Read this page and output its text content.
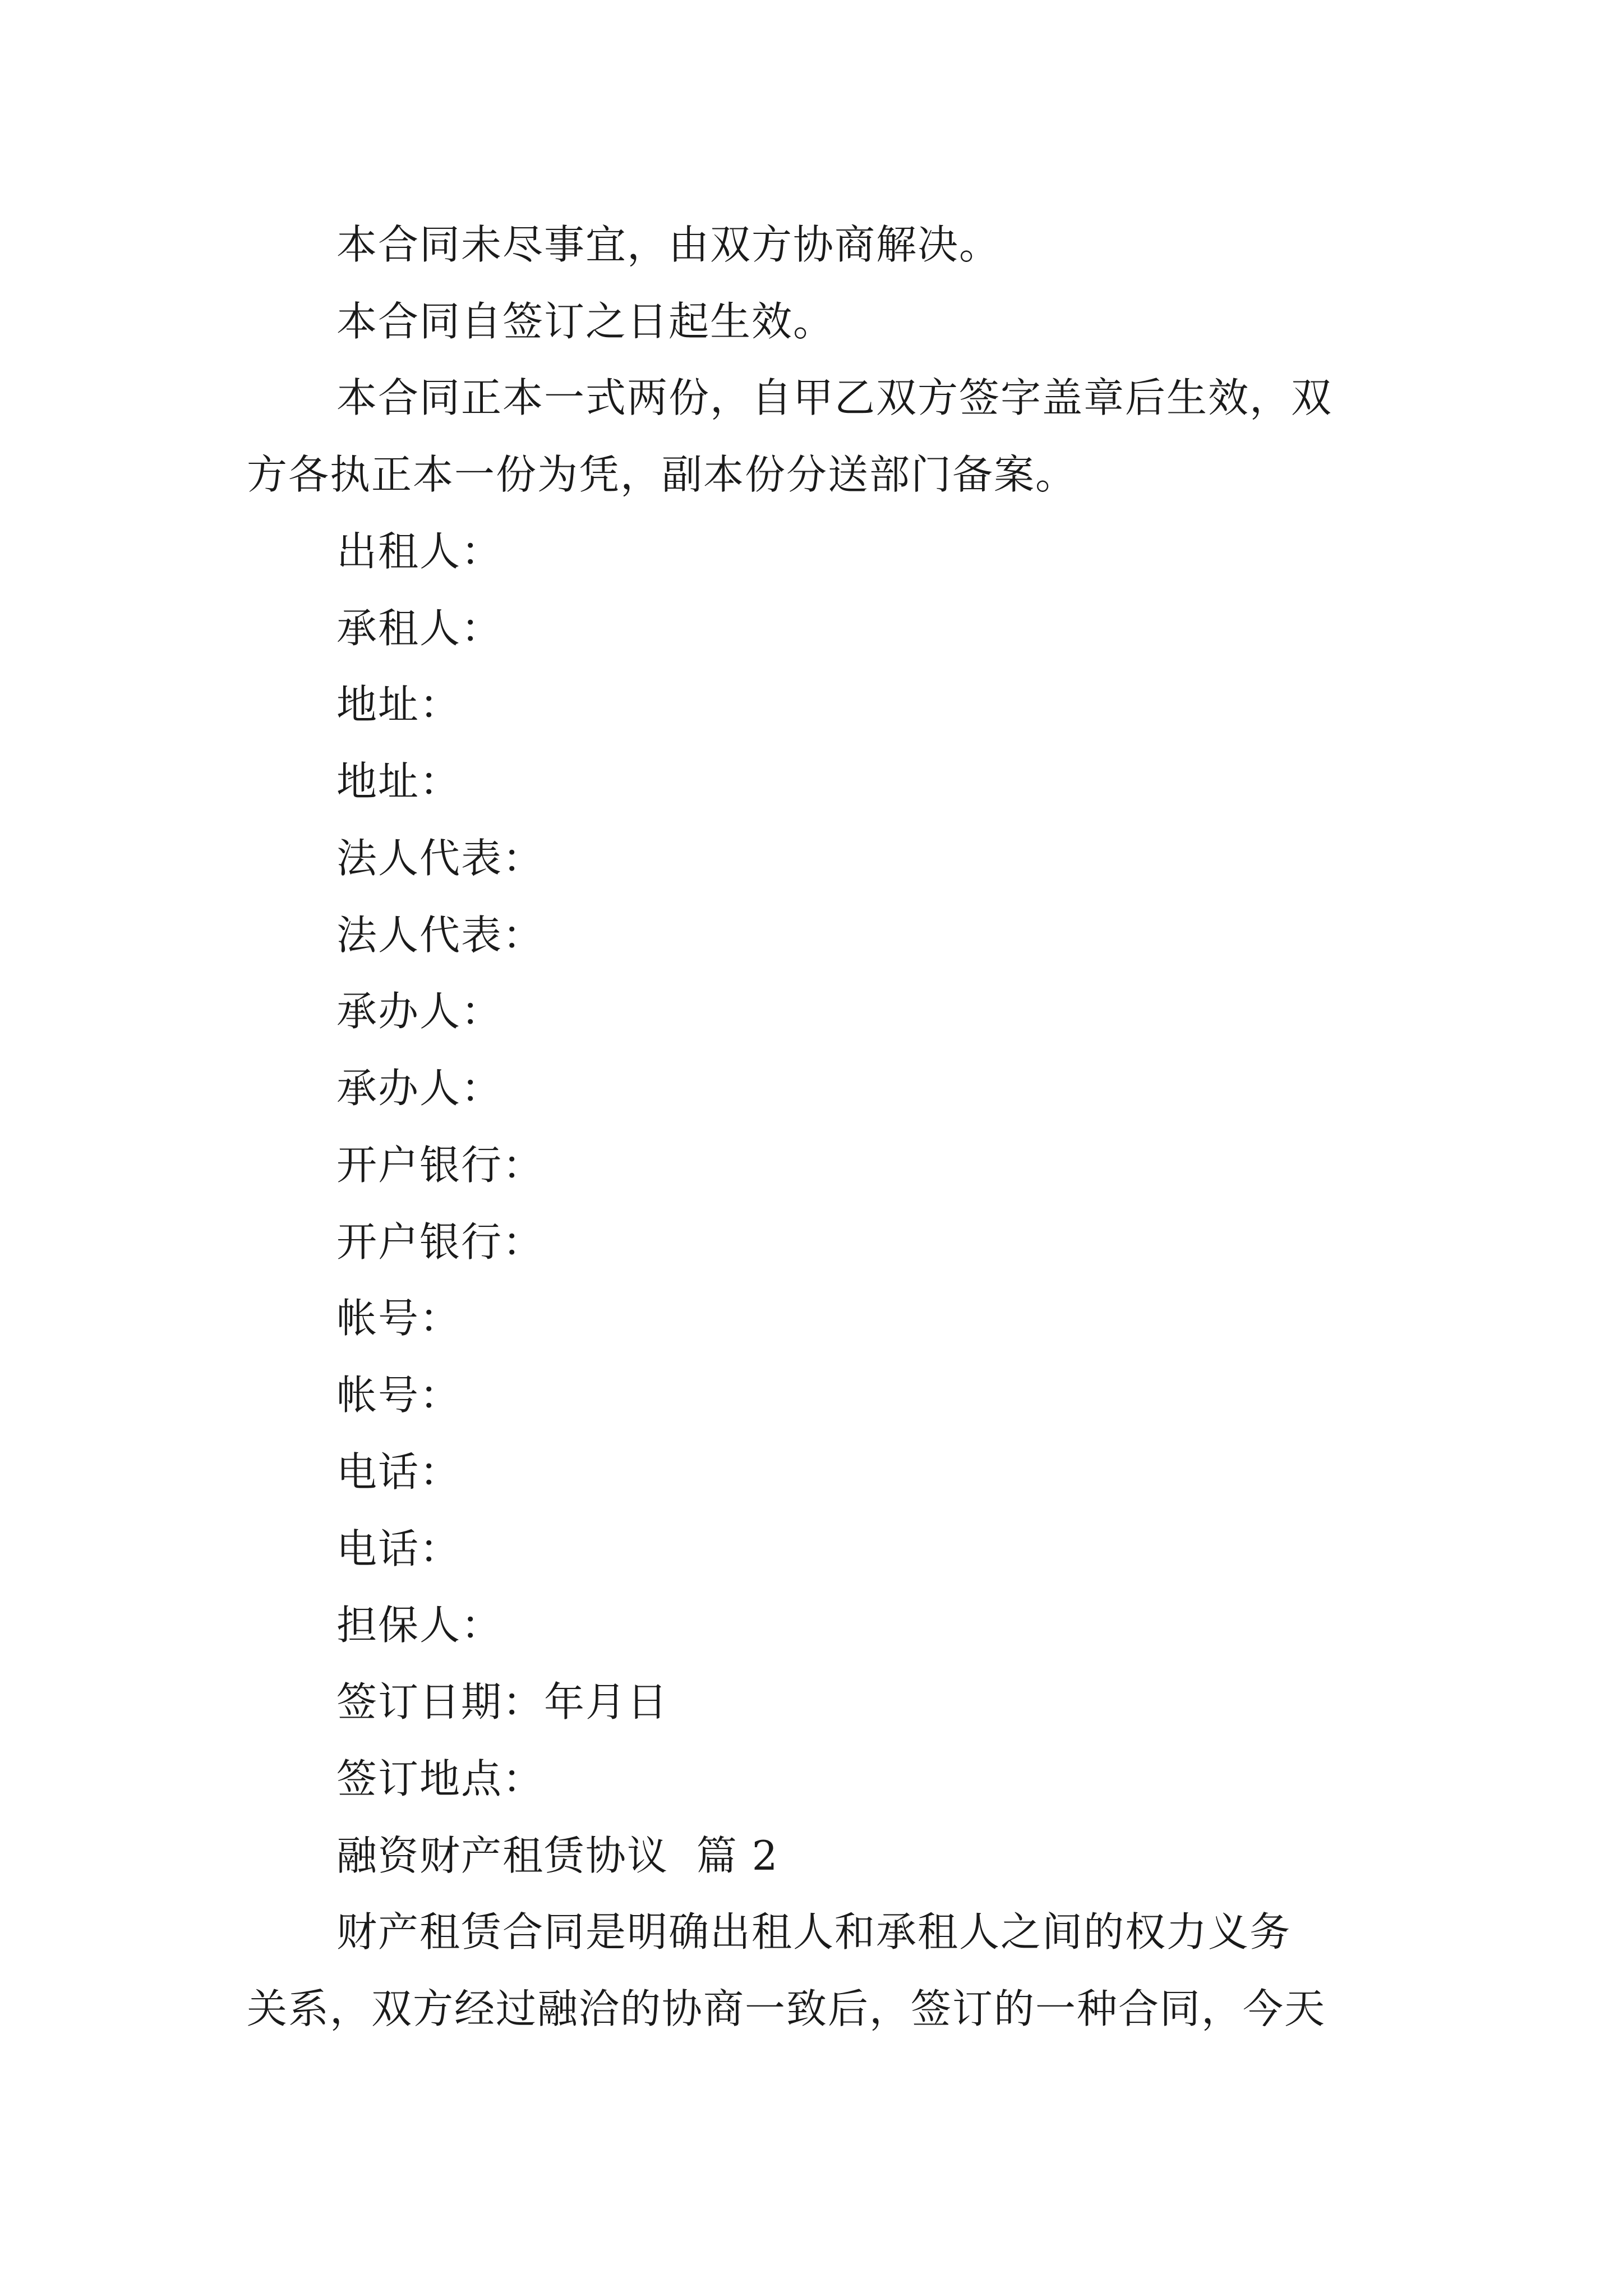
本合同未尽事宜，由双方协商解决。
本合同自签订之日起生效。
本合同正本一式两份，自甲乙双方签字盖章后生效，双
方各执正本一份为凭，副本份分送部门备案。
出租人：
承租人：
地址：
地址：
法人代表：
法人代表：
承办人：
承办人：
开户银行：
开户银行：
帐号：
帐号：
电话：
电话：
担保人：
签订日期：年月日
签订地点：
融资财产租赁协议  篇 2
财产租赁合同是明确出租人和承租人之间的权力义务
关系，双方经过融洽的协商一致后，签订的一种合同，今天
